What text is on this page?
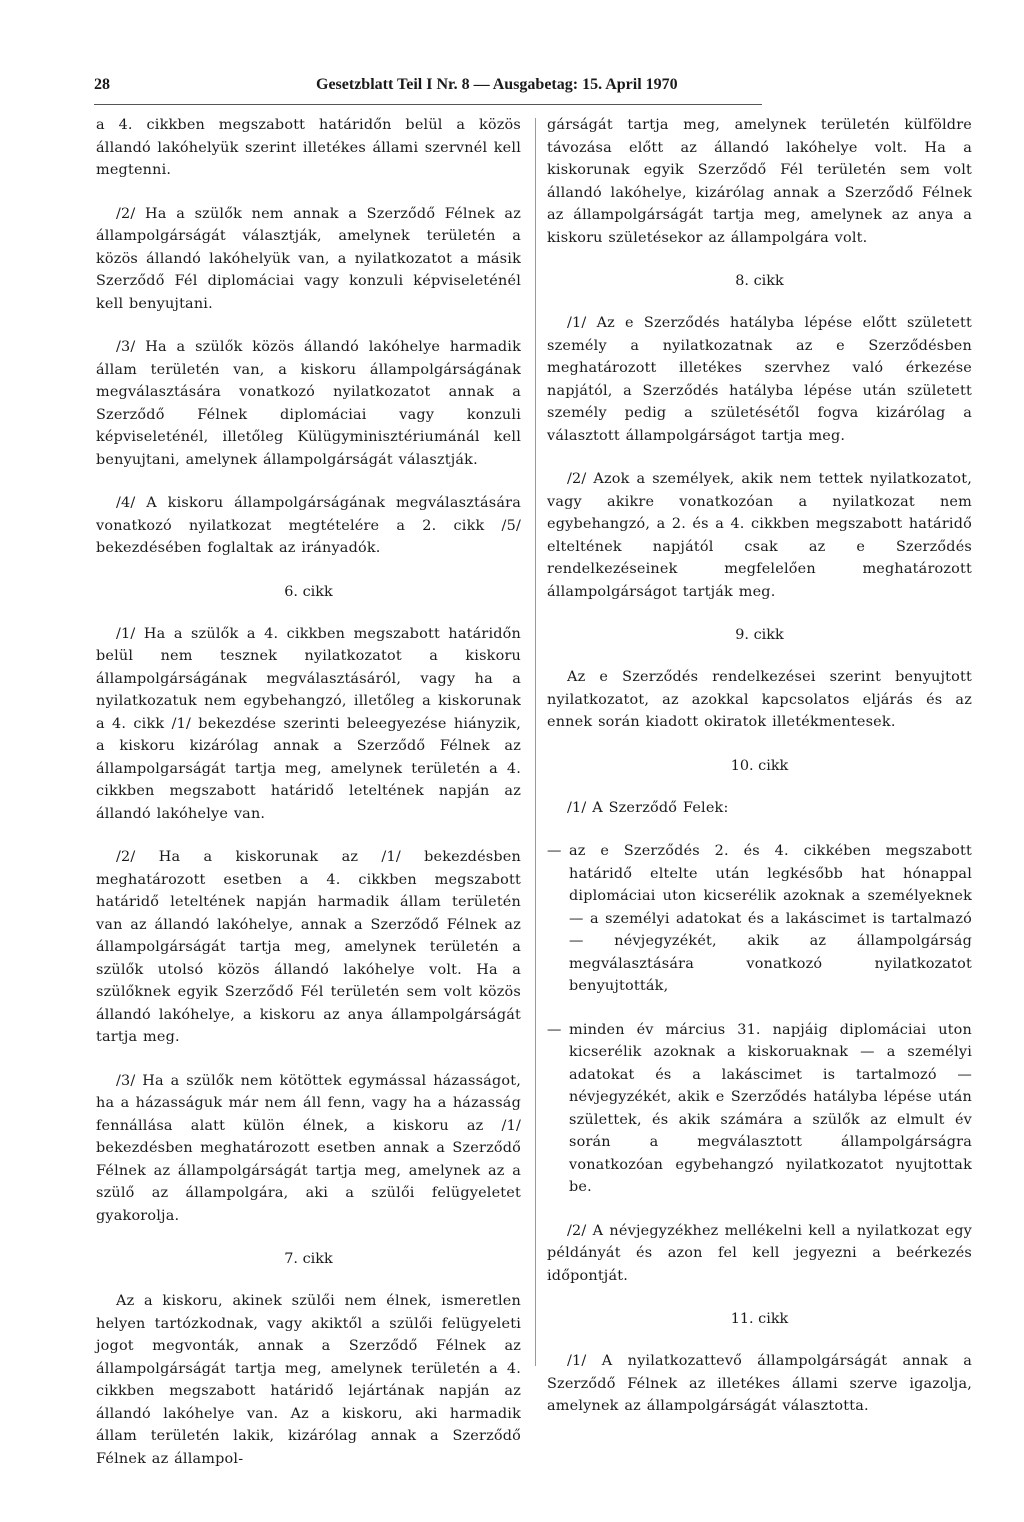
28	Gesetzblatt Teil I Nr. 8 — Ausgabetag: 15. April 1970

a 4. cikkben megszabott határidőn belül a közös állandó lakóhelyük szerint illetékes állami szervnél kell megtenni.

/2/ Ha a szülők nem annak a Szerződő Félnek az állampolgárságát választják, amelynek területén a közös állandó lakóhelyük van, a nyilatkozatot a másik Szerződő Fél diplomáciai vagy konzuli képviseleténél kell benyujtani.

/3/ Ha a szülők közös állandó lakóhelye harmadik állam területén van, a kiskoru állampolgárságának megválasztására vonatkozó nyilatkozatot annak a Szerződő Félnek diplomáciai vagy konzuli képviseleténél, illetőleg Külügyminisztériumánál kell benyujtani, amelynek állampolgárságát választják.

/4/ A kiskoru állampolgárságának megválasztására vonatkozó nyilatkozat megtételére a 2. cikk /5/ bekezdésében foglaltak az irányadók.

6. cikk

/1/ Ha a szülők a 4. cikkben megszabott határidőn belül nem tesznek nyilatkozatot a kiskoru állampolgárságának megválasztásáról, vagy ha a nyilatkozatuk nem egybehangzó, illetőleg a kiskorunak a 4. cikk /1/ bekezdése szerinti beleegyezése hiányzik, a kiskoru kizárólag annak a Szerződő Félnek az állampolgarságát tartja meg, amelynek területén a 4. cikkben megszabott határidő leteltének napján az állandó lakóhelye van.

/2/ Ha a kiskorunak az /1/ bekezdésben meghatározott esetben a 4. cikkben megszabott határidő leteltének napján harmadik állam területén van az állandó lakóhelye, annak a Szerződő Félnek az állampolgárságát tartja meg, amelynek területén a szülők utolsó közös állandó lakóhelye volt. Ha a szülőknek egyik Szerződő Fél területén sem volt közös állandó lakóhelye, a kiskoru az anya állampolgárságát tartja meg.

/3/ Ha a szülők nem kötöttek egymással házasságot, ha a házasságuk már nem áll fenn, vagy ha a házasság fennállása alatt külön élnek, a kiskoru az /1/ bekezdésben meghatározott esetben annak a Szerződő Félnek az állampolgárságát tartja meg, amelynek az a szülő az állampolgára, aki a szülői felügyeletet gyakorolja.

7. cikk

Az a kiskoru, akinek szülői nem élnek, ismeretlen helyen tartózkodnak, vagy akiktől a szülői felügyeleti jogot megvonták, annak a Szerződő Félnek az állampolgárságát tartja meg, amelynek területén a 4. cikkben megszabott határidő lejártának napján az állandó lakóhelye van. Az a kiskoru, aki harmadik állam területén lakik, kizárólag annak a Szerződő Félnek az állampol-

gárságát tartja meg, amelynek területén külföldre távozása előtt az állandó lakóhelye volt. Ha a kiskorunak egyik Szerződő Fél területén sem volt állandó lakóhelye, kizárólag annak a Szerződő Félnek az állampolgárságát tartja meg, amelynek az anya a kiskoru születésekor az állampolgára volt.

8. cikk

/1/ Az e Szerződés hatályba lépése előtt született személy a nyilatkozatnak az e Szerződésben meghatározott illetékes szervhez való érkezése napjától, a Szerződés hatályba lépése után született személy pedig a születésétől fogva kizárólag a választott állampolgárságot tartja meg.

/2/ Azok a személyek, akik nem tettek nyilatkozatot, vagy akikre vonatkozóan a nyilatkozat nem egybehangzó, a 2. és a 4. cikkben megszabott határidő elteltének napjától csak az e Szerződés rendelkezéseinek megfelelően meghatározott állampolgárságot tartják meg.

9. cikk

Az e Szerződés rendelkezései szerint benyujtott nyilatkozatot, az azokkal kapcsolatos eljárás és az ennek során kiadott okiratok illetékmentesek.

10. cikk

/1/ A Szerződő Felek:

— az e Szerződés 2. és 4. cikkében megszabott határidő eltelte után legkésőbb hat hónappal diplomáciai uton kicserélik azoknak a személyeknek — a személyi adatokat és a lakáscimet is tartalmazó — névjegyzékét, akik az állampolgárság megválasztására vonatkozó nyilatkozatot benyujtották,
— minden év március 31. napjáig diplomáciai uton kicserélik azoknak a kiskoruaknak — a személyi adatokat és a lakáscimet is tartalmozó — névjegyzékét, akik e Szerződés hatályba lépése után születtek, és akik számára a szülők az elmult év során a megválasztott állampolgárságra vonatkozóan egybehangzó nyilatkozatot nyujtottak be.

/2/ A névjegyzékhez mellékelni kell a nyilatkozat egy példányát és azon fel kell jegyezni a beérkezés időpontját.

11. cikk

/1/ A nyilatkozattevő állampolgárságát annak a Szerződő Félnek az illetékes állami szerve igazolja, amelynek az állampolgárságát választotta.
